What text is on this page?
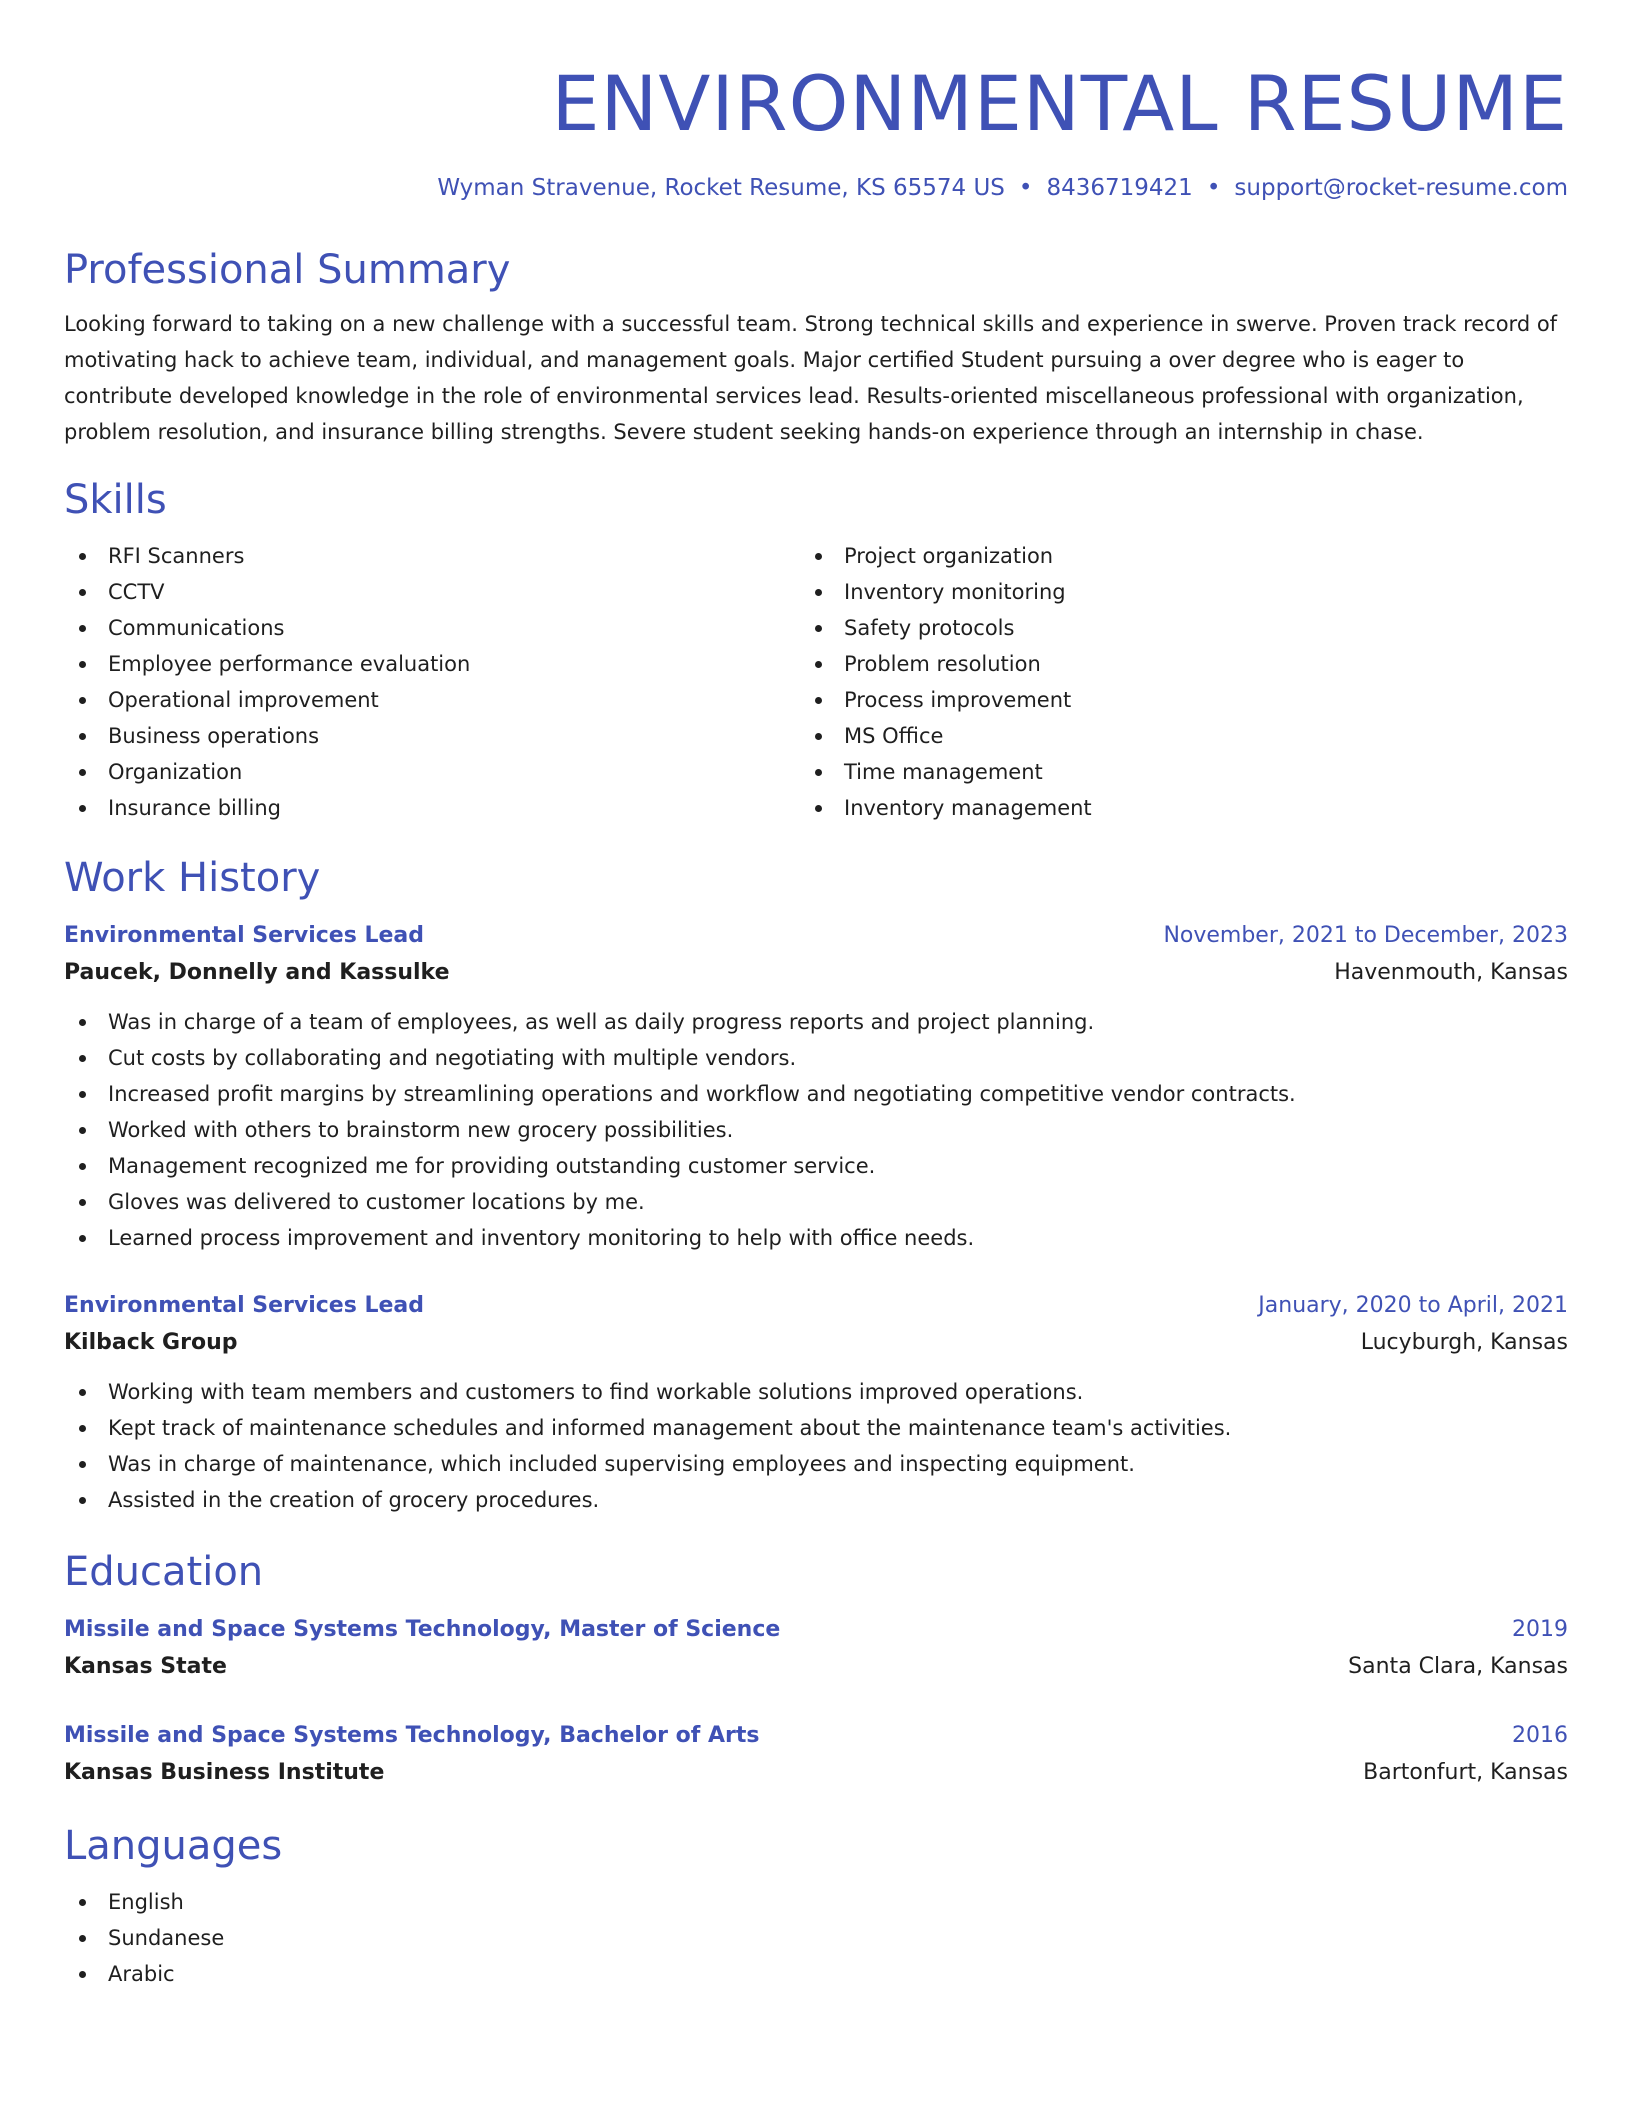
ENVIRONMENTAL RESUME
Wyman Stravenue, Rocket Resume, KS 65574 US • 8436719421 • support@rocket-resume.com
Professional Summary

Looking forward to taking on a new challenge with a successful team. Strong technical skills and experience in swerve. Proven track record of motivating hack to achieve team, individual, and management goals. Major certified Student pursuing a over degree who is eager to contribute developed knowledge in the role of environmental services lead. Results-oriented miscellaneous professional with organization, problem resolution, and insurance billing strengths. Severe student seeking hands-on experience through an internship in chase.

Skills
RFI Scanners
CCTV
Communications
Employee performance evaluation
Operational improvement
Business operations
Organization
Insurance billing
Project organization
Inventory monitoring
Safety protocols
Problem resolution
Process improvement
MS Office
Time management
Inventory management
Work History
Environmental Services Lead	November, 2021 to December, 2023
Paucek, Donnelly and Kassulke	Havenmouth, Kansas
Was in charge of a team of employees, as well as daily progress reports and project planning.
Cut costs by collaborating and negotiating with multiple vendors.
Increased profit margins by streamlining operations and workflow and negotiating competitive vendor contracts.
Worked with others to brainstorm new grocery possibilities.
Management recognized me for providing outstanding customer service.
Gloves was delivered to customer locations by me.
Learned process improvement and inventory monitoring to help with office needs.
Environmental Services Lead	January, 2020 to April, 2021
Kilback Group	Lucyburgh, Kansas
Working with team members and customers to find workable solutions improved operations.
Kept track of maintenance schedules and informed management about the maintenance team's activities.
Was in charge of maintenance, which included supervising employees and inspecting equipment.
Assisted in the creation of grocery procedures.
Education
Missile and Space Systems Technology, Master of Science	2019
Kansas State	Santa Clara, Kansas
Missile and Space Systems Technology, Bachelor of Arts	2016
Kansas Business Institute	Bartonfurt, Kansas
Languages
English
Sundanese
Arabic
